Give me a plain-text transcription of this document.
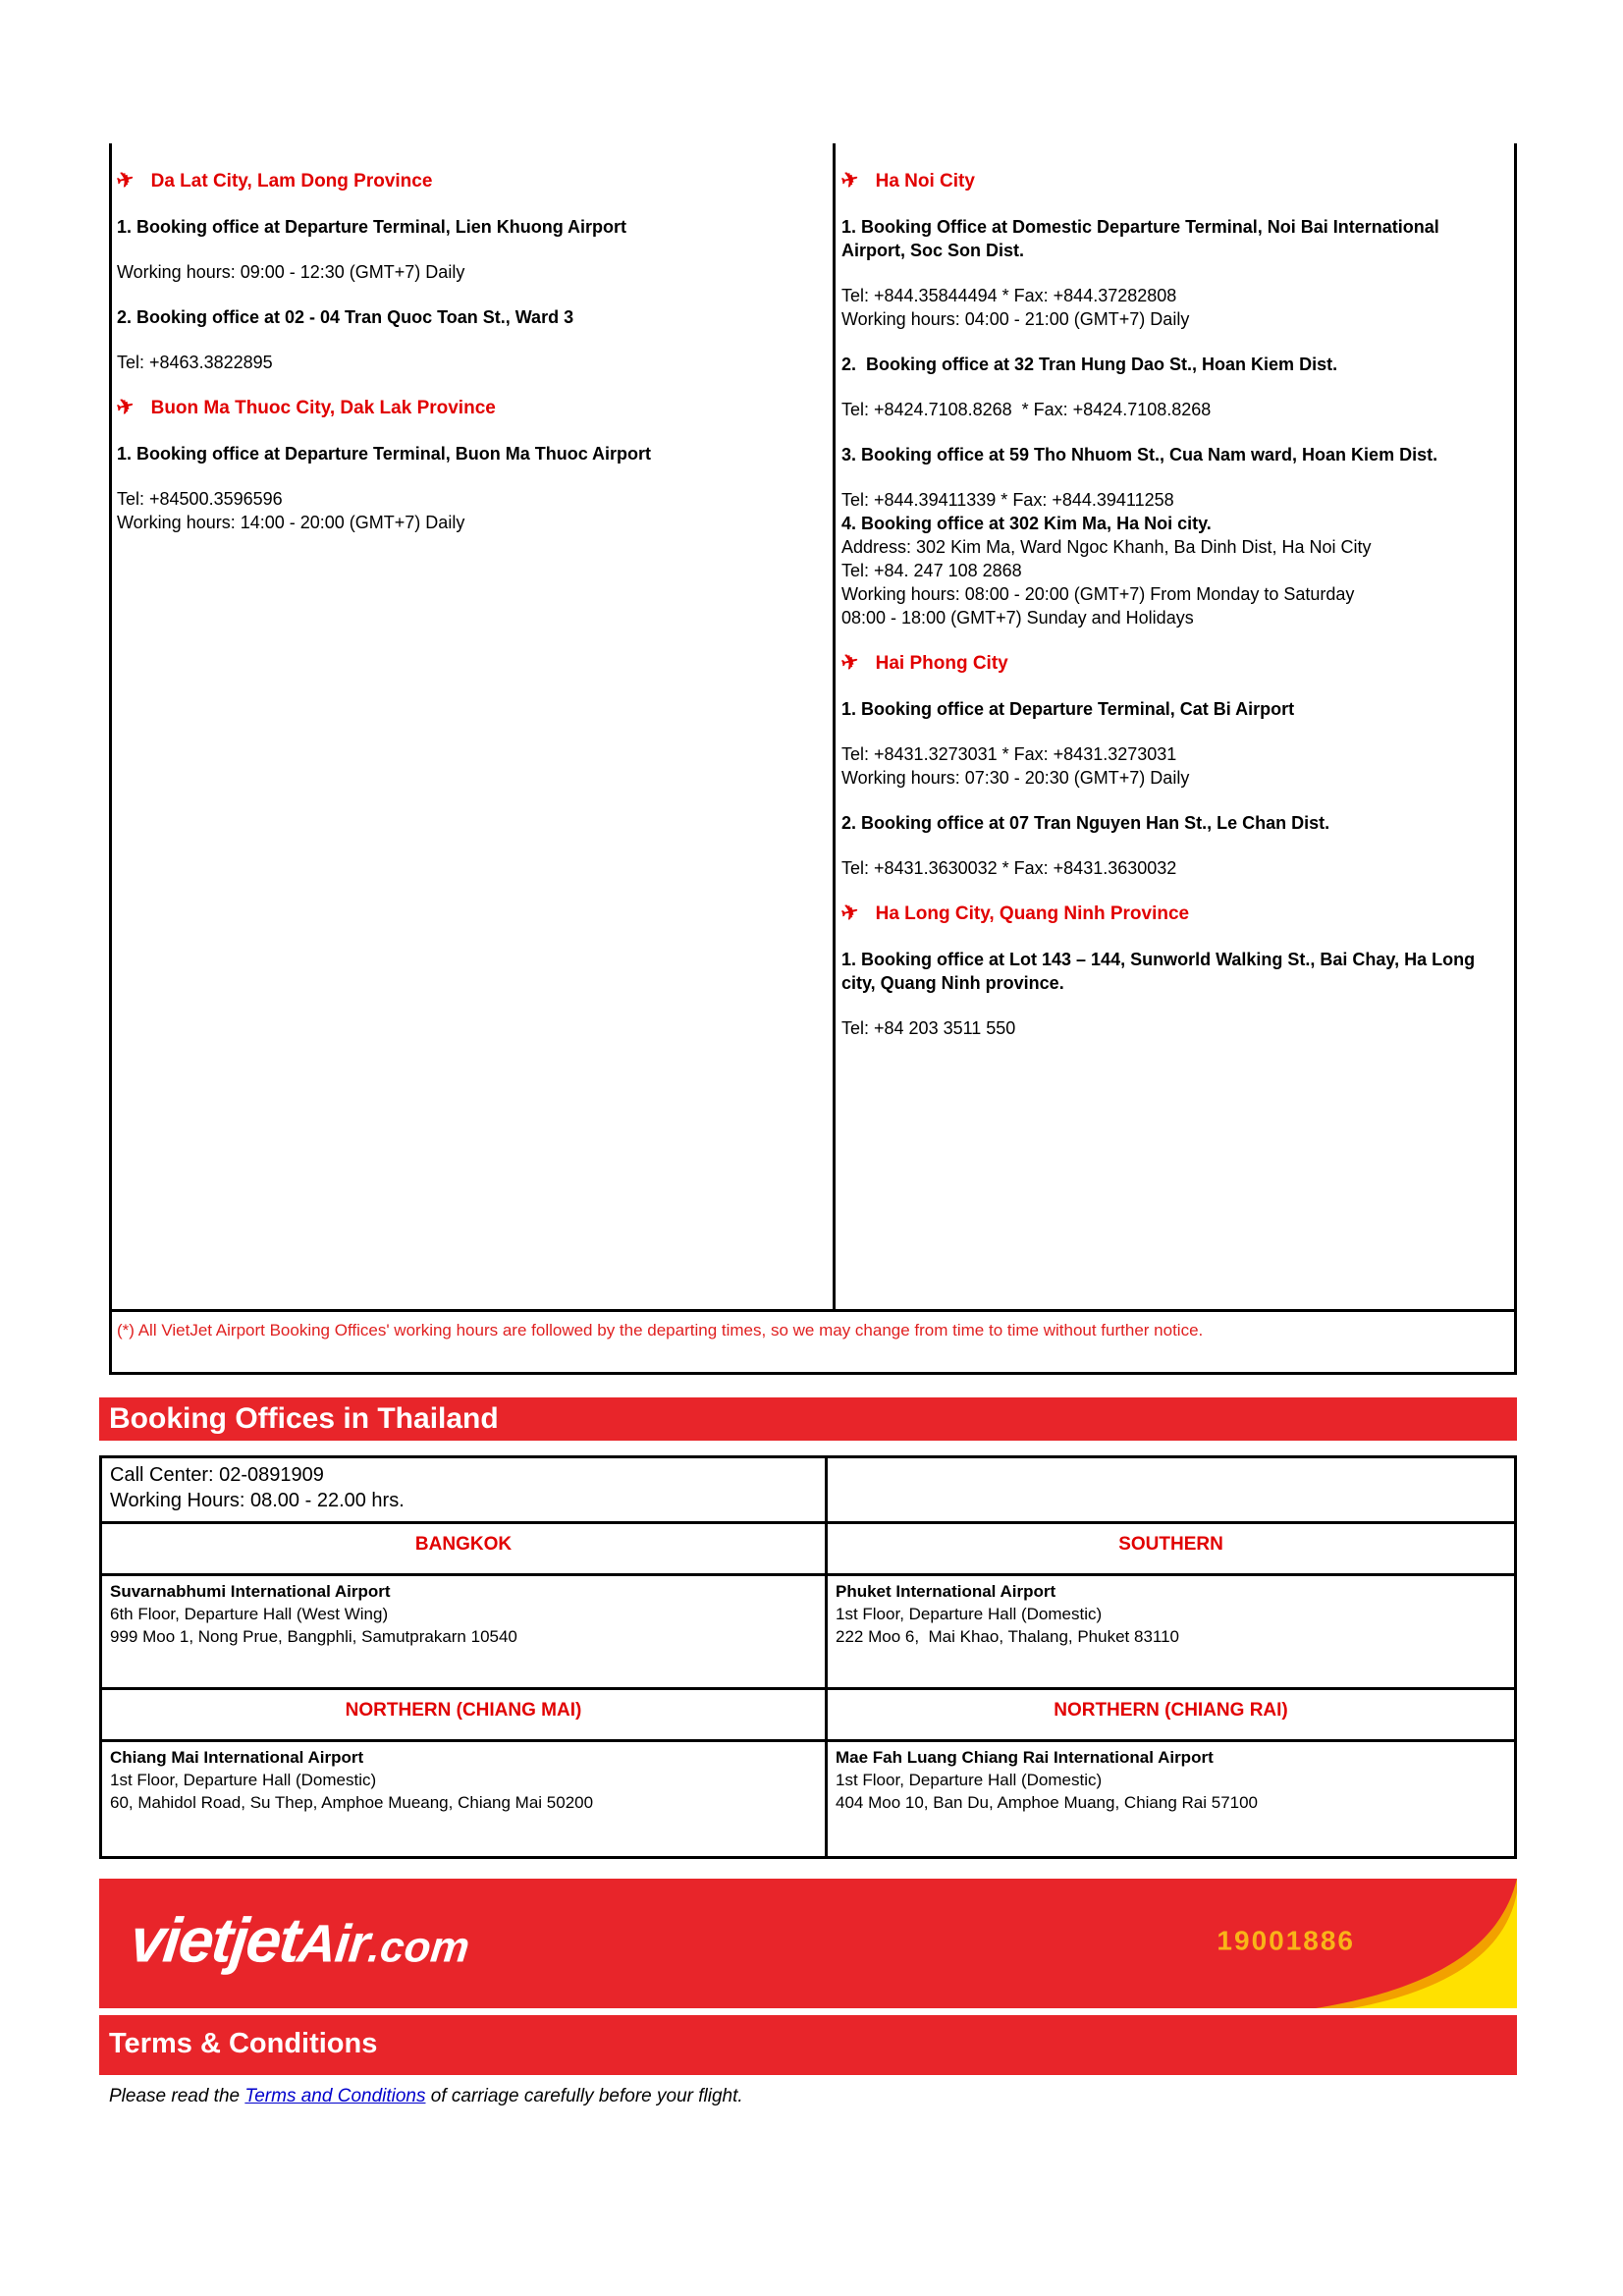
✈ Da Lat City, Lam Dong Province

1. Booking office at Departure Terminal, Lien Khuong Airport

Working hours: 09:00 - 12:30 (GMT+7) Daily

2. Booking office at 02 - 04 Tran Quoc Toan St., Ward 3

Tel: +8463.3822895

✈ Buon Ma Thuoc City, Dak Lak Province

1. Booking office at Departure Terminal, Buon Ma Thuoc Airport

Tel: +84500.3596596
Working hours: 14:00 - 20:00 (GMT+7) Daily

✈ Ha Noi City

1. Booking Office at Domestic Departure Terminal, Noi Bai International Airport, Soc Son Dist.

Tel: +844.35844494 * Fax: +844.37282808
Working hours: 04:00 - 21:00 (GMT+7) Daily

2.  Booking office at 32 Tran Hung Dao St., Hoan Kiem Dist.

Tel: +8424.7108.8268  * Fax: +8424.7108.8268

3. Booking office at 59 Tho Nhuom St., Cua Nam ward, Hoan Kiem Dist.

Tel: +844.39411339 * Fax: +844.39411258
4. Booking office at 302 Kim Ma, Ha Noi city.
Address: 302 Kim Ma, Ward Ngoc Khanh, Ba Dinh Dist, Ha Noi City
Tel: +84. 247 108 2868
Working hours: 08:00 - 20:00 (GMT+7) From Monday to Saturday
08:00 - 18:00 (GMT+7) Sunday and Holidays

✈ Hai Phong City

1. Booking office at Departure Terminal, Cat Bi Airport

Tel: +8431.3273031 * Fax: +8431.3273031
Working hours: 07:30 - 20:30 (GMT+7) Daily

2. Booking office at 07 Tran Nguyen Han St., Le Chan Dist.

Tel: +8431.3630032 * Fax: +8431.3630032

✈ Ha Long City, Quang Ninh Province

1. Booking office at Lot 143 – 144, Sunworld Walking St., Bai Chay, Ha Long city, Quang Ninh province.

Tel: +84 203 3511 550

(*) All VietJet Airport Booking Offices' working hours are followed by the departing times, so we may change from time to time without further notice.
Booking Offices in Thailand
Call Center: 02-0891909
Working Hours: 08.00 - 22.00 hrs.	
BANGKOK	SOUTHERN
Suvarnabhumi International Airport
6th Floor, Departure Hall (West Wing)
999 Moo 1, Nong Prue, Bangphli, Samutprakarn 10540	Phuket International Airport
1st Floor, Departure Hall (Domestic)
222 Moo 6,  Mai Khao, Thalang, Phuket 83110
NORTHERN (CHIANG MAI)	NORTHERN (CHIANG RAI)
Chiang Mai International Airport
1st Floor, Departure Hall (Domestic)
60, Mahidol Road, Su Thep, Amphoe Mueang, Chiang Mai 50200	Mae Fah Luang Chiang Rai International Airport
1st Floor, Departure Hall (Domestic)
404 Moo 10, Ban Du, Amphoe Muang, Chiang Rai 57100
vietjetAir.com	19001886
Terms & Conditions
Please read the Terms and Conditions of carriage carefully before your flight.
